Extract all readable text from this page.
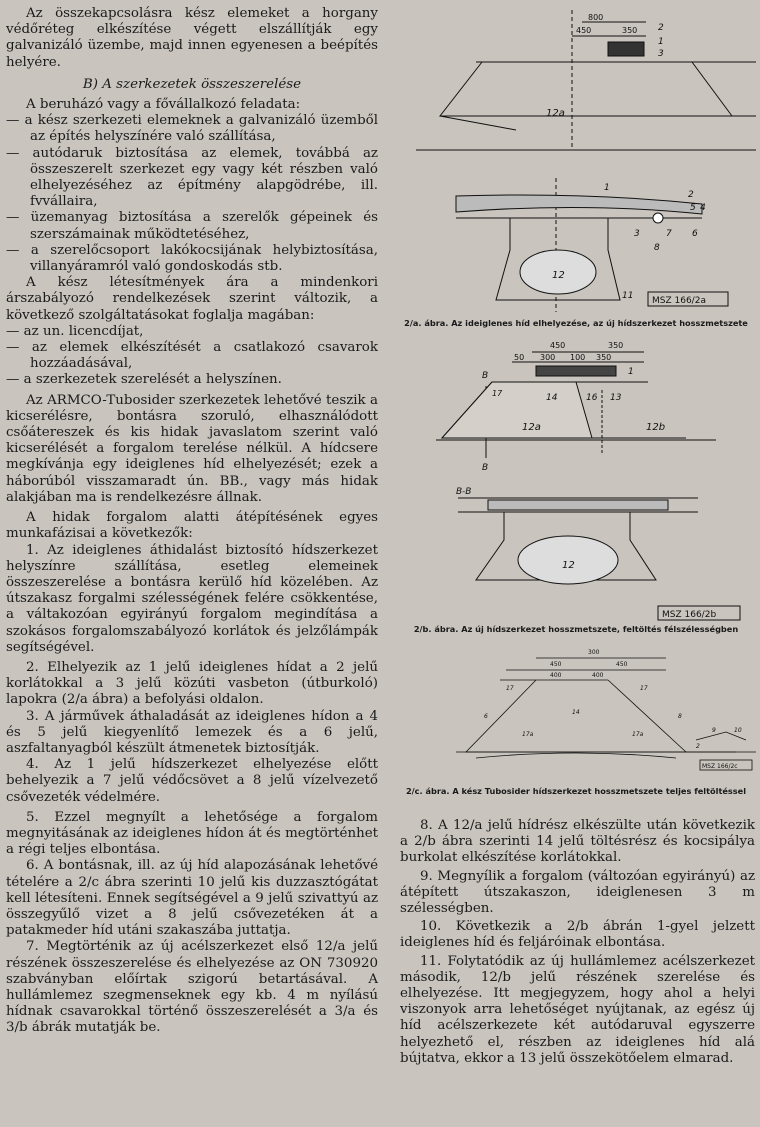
Az összekapcsolásra kész elemeket a horgany védőréteg elkészítése végett elszállítják egy galvanizáló üzembe, majd innen egyenesen a beépítés helyére.

B) A szerkezetek összeszerelése

A beruházó vagy a fővállalkozó feladata:

— a kész szerkezeti elemeknek a galvanizáló üzemből az építés helyszínére való szállítása,

— autódaruk biztosítása az elemek, továbbá az összeszerelt szerkezet egy vagy két részben való elhelyezéséhez az építmény alapgödrébe, ill. fvvállaira,

— üzemanyag biztosítása a szerelők gépeinek és szerszámainak működtetéséhez,

— a szerelőcsoport lakókocsijának helybiztosítása, villanyáramról való gondoskodás stb.

A kész létesítmények ára a mindenkori árszabályozó rendelkezések szerint változik, a következő szolgáltatásokat foglalja magában:

— az un. licencdíjat,

— az elemek elkészítését a csatlakozó csavarok hozzáadásával,

— a szerkezetek szerelését a helyszínen.

Az ARMCO-Tubosider szerkezetek lehetővé teszik a kicserélésre, bontásra szoruló, elhasználódott csőátereszek és kis hidak javaslatom szerint való kicserélését a forgalom terelése nélkül. A hídcsere megkívánja egy ideiglenes híd elhelyezését; ezek a háborúból visszamaradt ún. BB., vagy más hidak alakjában ma is rendelkezésre állnak.

A hidak forgalom alatti átépítésének egyes munkafázisai a következők:

1. Az ideiglenes áthidalást biztosító hídszerkezet helyszínre szállítása, esetleg elemeinek összeszerelése a bontásra kerülő híd közelében. Az útszakasz forgalmi szélességének felére csökkentése, a váltakozóan egyirányú forgalom megindítása a szokásos forgalomszabályozó korlátok és jelzőlámpák segítségével.

2. Elhelyezik az 1 jelű ideiglenes hídat a 2 jelű korlátokkal a 3 jelű közúti vasbeton (útburkoló) lapokra (2/a ábra) a befolyási oldalon.

3. A járművek áthaladását az ideiglenes hídon a 4 és 5 jelű kiegyenlítő lemezek és a 6 jelű, aszfaltanyagból készült átmenetek biztosítják.

4. Az 1 jelű hídszerkezet elhelyezése előtt behelyezik a 7 jelű védőcsövet a 8 jelű vízelvezető csővezeték védelmére.

5. Ezzel megnyílt a lehetősége a forgalom megnyitásának az ideiglenes hídon át és megtörténhet a régi teljes elbontása.

6. A bontásnak, ill. az új híd alapozásának lehetővé tételére a 2/c ábra szerinti 10 jelű kis duzzasztógátat kell létesíteni. Ennek segítségével a 9 jelű szivattyú az összegyűlő vizet a 8 jelű csővezetéken át a patakmeder híd utáni szakaszába juttatja.

7. Megtörténik az új acélszerkezet első 12/a jelű részének összeszerelése és elhelyezése az ON 730920 szabványban előírtak szigorú betartásával. A hullámlemez szegmenseknek egy kb. 4 m nyílású hídnak csavarokkal történő összeszerelését a 3/a és 3/b ábrák mutatják be.

800
450	350 2
1
3
12a
1
2
5 4
3	7 6
8
12
11 MSZ 166/2a
2/a. ábra. Az ideiglenes híd elhelyezése, az új hídszerkezet hosszmetszete
450	350
50 300 100 350
B
17
1
14	16 13
12a	12b
B
B-B
12
MSZ 166/2b
2/b. ábra. Az új hídszerkezet hosszmetszete, feltöltés félszélességben
300
450	450
400	400
17	17
14
6	8
17a	17a
9	10
2
MSZ 166/2c
2/c. ábra. A kész Tubosider hídszerkezet hosszmetszete teljes feltöltéssel

8. A 12/a jelű hídrész elkészülte után következik a 2/b ábra szerinti 14 jelű töltésrész és kocsipálya burkolat elkészítése korlátokkal.

9. Megnyílik a forgalom (változóan egyirányú) az átépített útszakaszon, ideiglenesen 3 m szélességben.

10. Következik a 2/b ábrán 1-gyel jelzett ideiglenes híd és feljáróinak elbontása.

11. Folytatódik az új hullámlemez acélszerkezet második, 12/b jelű részének szerelése és elhelyezése. Itt megjegyzem, hogy ahol a helyi viszonyok arra lehetőséget nyújtanak, az egész új híd acélszerkezete két autódaruval egyszerre helyezhető el, részben az ideiglenes híd alá bújtatva, ekkor a 13 jelű összekötőelem elmarad.
